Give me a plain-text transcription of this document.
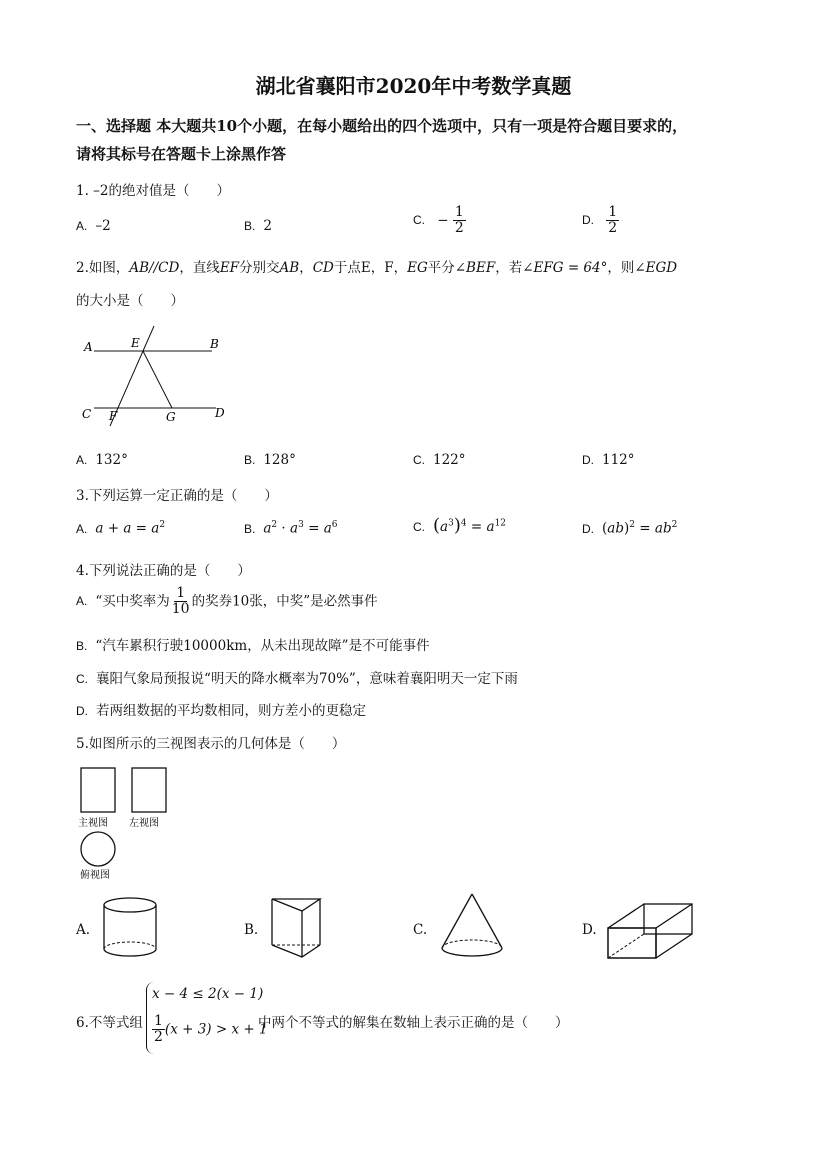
湖北省襄阳市2020年中考数学真题
一、选择题 本大题共10个小题，在每小题给出的四个选项中，只有一项是符合题目要求的，
请将其标号在答题卡上涂黑作答
1. –2的绝对值是（　　）
A. –2	B. 2	C. − $\frac{1}{2}$	D. $\frac{1}{2}$
2.如图，AB//CD，直线EF分别交AB，CD于点E，F，EG平分∠BEF，若∠EFG = 64°，则∠EGD
的大小是（　　）
A	E	B
C F	G	D
A. 132°	B. 128°	C. 122°	D. 112°
3.下列运算一定正确的是（　　）
A. $a + a = a^2$	B. $a^2 \cdot a^3 = a^6$	C. $(a^3)^4 = a^{12}$	D. $(ab)^2 = ab^2$
4.下列说法正确的是（　　）
A. “买中奖率为 $\frac{1}{10}$ 的奖券10张，中奖”是必然事件
B. “汽车累积行驶10000km，从未出现故障”是不可能事件
C. 襄阳气象局预报说“明天的降水概率为70%”，意味着襄阳明天一定下雨
D. 若两组数据的平均数相同，则方差小的更稳定
5.如图所示的三视图表示的几何体是（　　）
主视图 左视图
俯视图
A.	B.	C.	D.
6.不等式组
x − 4 ≤ 2(x − 1)
$\frac{1}{2} (x + 3) > x + 1$
中两个不等式的解集在数轴上表示正确的是（　　）
